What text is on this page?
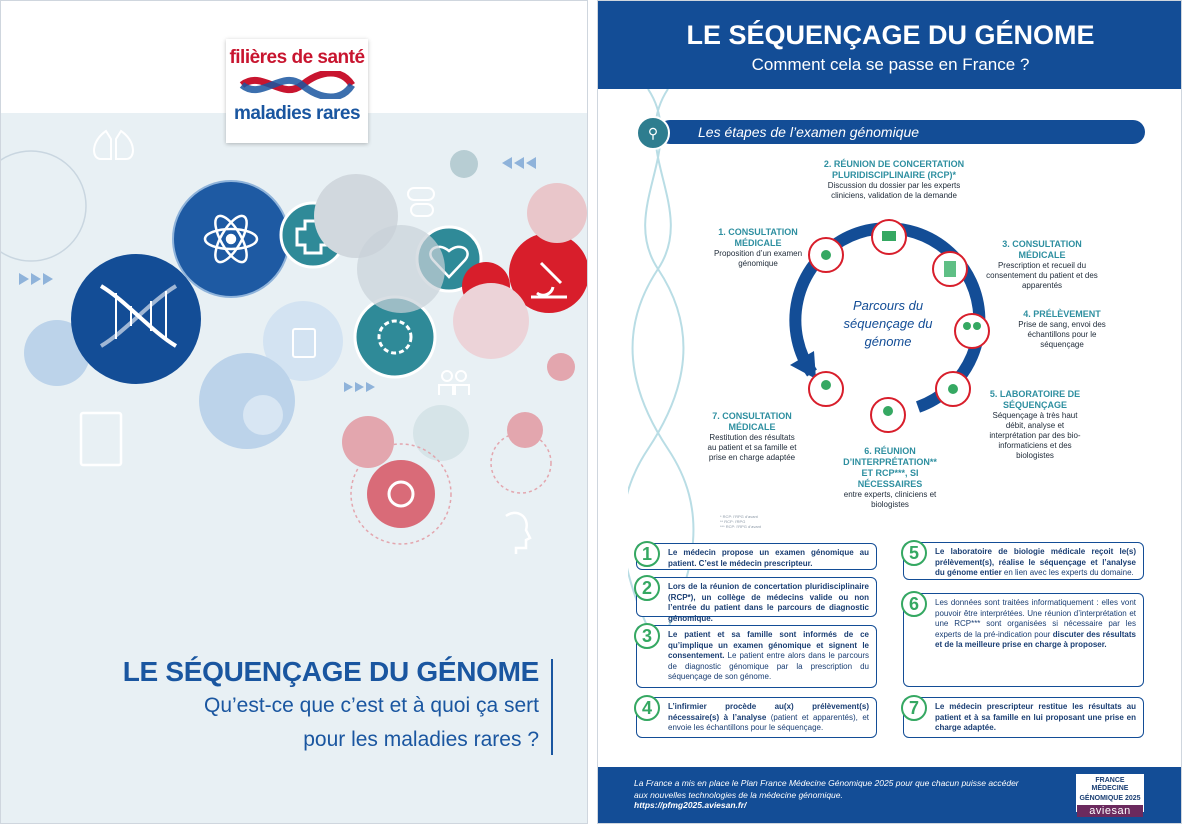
filières de santé
maladies rares
LE SÉQUENÇAGE DU GÉNOME
Qu’est-ce que c’est et à quoi ça sert
pour les maladies rares ?
LE SÉQUENÇAGE DU GÉNOME
Comment cela se passe en France ?
Les étapes de l’examen génomique
⚲
Parcours du séquençage du génome
1. CONSULTATION MÉDICALE
Proposition d’un examen génomique
2. RÉUNION DE CONCERTATION PLURIDISCIPLINAIRE (RCP)*
Discussion du dossier par les experts cliniciens, validation de la demande
3. CONSULTATION MÉDICALE
Prescription et recueil du consentement du patient et des apparentés
4. PRÉLÈVEMENT
Prise de sang, envoi des échantillons pour le séquençage
5. LABORATOIRE DE SÉQUENÇAGE
Séquençage à très haut débit, analyse et interprétation par des bio-informaticiens et des biologistes
6. RÉUNION D’INTERPRÉTATION** ET RCP***, SI NÉCESSAIRES
entre experts, cliniciens et biologistes
7. CONSULTATION MÉDICALE
Restitution des résultats au patient et sa famille et prise en charge adaptée
* RCP: l’RPG d’avant
** RCP: l’RPG
*** RCP: l’RPG d’avant
1	Le médecin propose un examen génomique au patient. C’est le médecin prescripteur.
2	Lors de la réunion de concertation pluridisciplinaire (RCP*), un collège de médecins valide ou non l’entrée du patient dans le parcours de diagnostic génomique.
3	Le patient et sa famille sont informés de ce qu’implique un examen génomique et signent le consentement. Le patient entre alors dans le parcours de diagnostic génomique par la prescription du séquençage de son génome.
4	L’infirmier procède au(x) prélèvement(s) nécessaire(s) à l’analyse (patient et apparentés), et envoie les échantillons pour le séquençage.
5	Le laboratoire de biologie médicale reçoit le(s) prélèvement(s), réalise le séquençage et l’analyse du génome entier en lien avec les experts du domaine.
6	Les données sont traitées informatiquement : elles vont pouvoir être interprétées. Une réunion d’interprétation et une RCP*** sont organisées si nécessaire par les experts de la pré-indication pour discuter des résultats et de la meilleure prise en charge à proposer.
7	Le médecin prescripteur restitue les résultats au patient et à sa famille en lui proposant une prise en charge adaptée.
La France a mis en place le Plan France Médecine Génomique 2025 pour que chacun puisse accéder aux nouvelles technologies de la médecine génomique.
https://pfmg2025.aviesan.fr/
FRANCE MÉDECINE
GÉNOMIQUE 2025
aviesan
